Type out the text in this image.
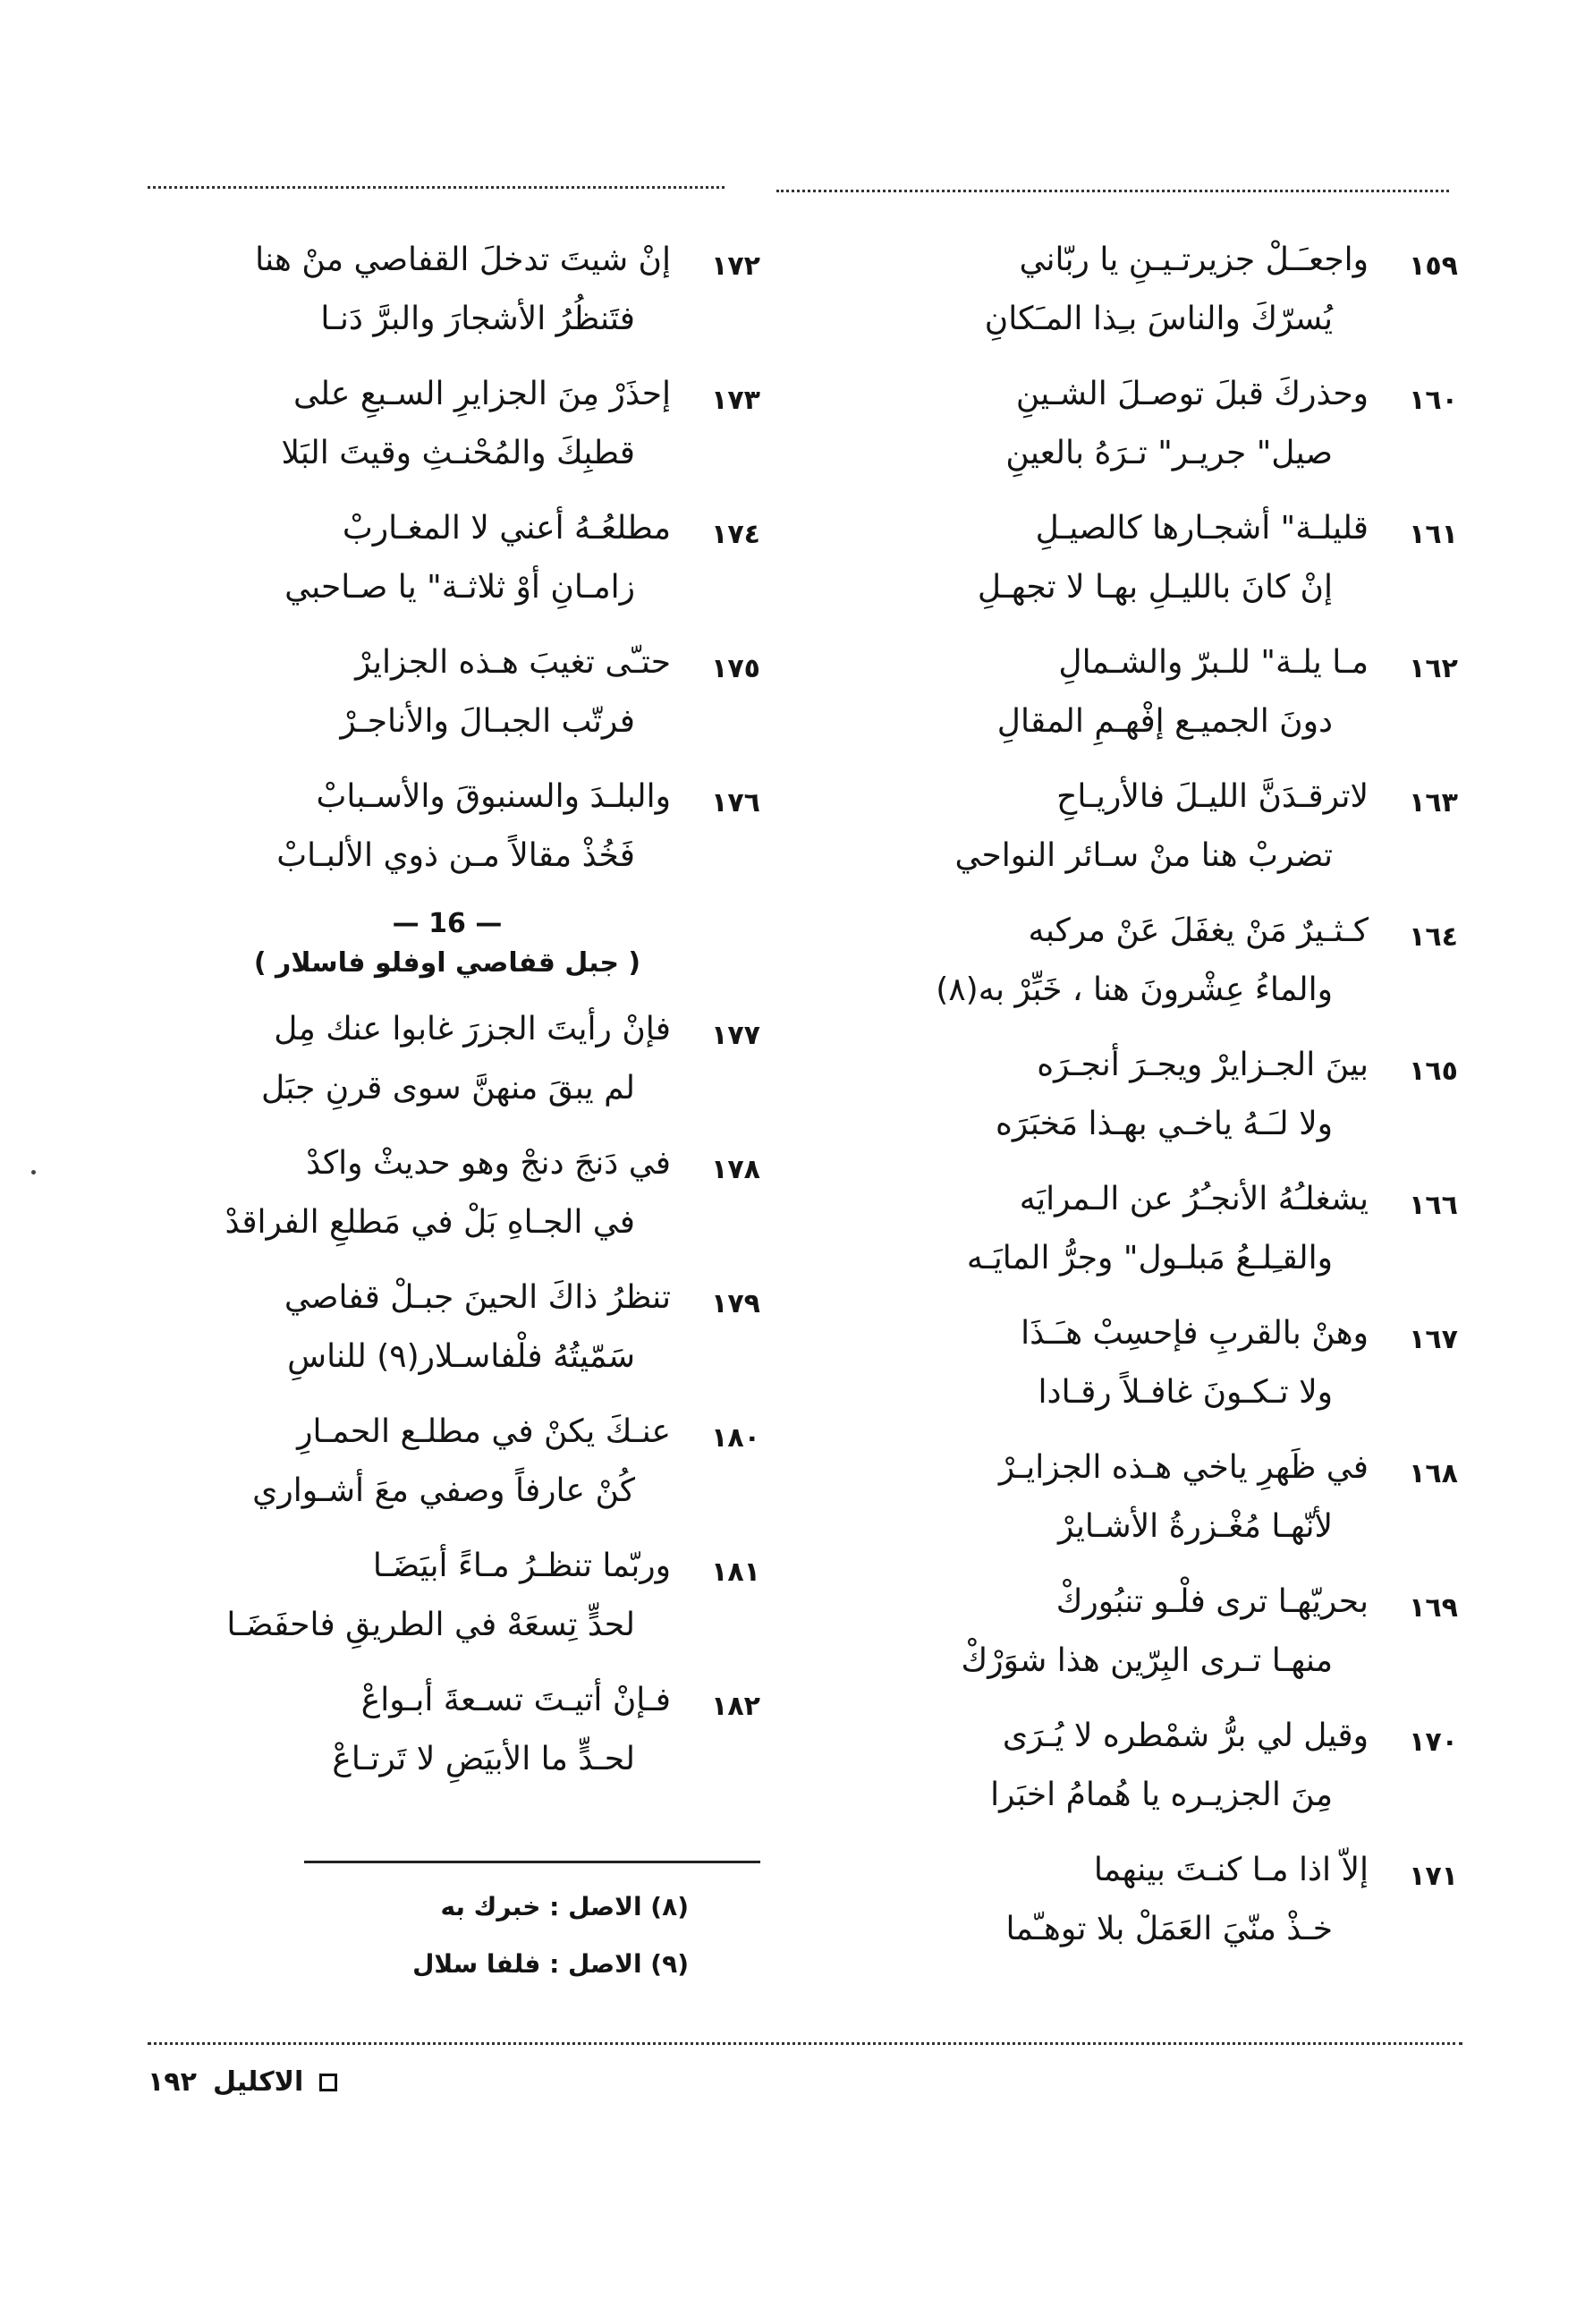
١٥٩
واجعـَـلْ جزيرتـيـنِ يا ربّاني
يُسرّكَ والناسَ بـِذا المـَكانِ
١٦٠
وحذركَ قبلَ توصـلَ الشـينِ
صيل" جريـر" تـرَهُ بالعينِ
١٦١
قليلـة" أشجـارها كالصيـلِ
إنْ كانَ بالليـلِ بهـا لا تجهـلِ
١٦٢
مـا يلـة" للـبرّ والشـمالِ
دونَ الجميـع إفْهـمِ المقالِ
١٦٣
لاترقـدَنَّ الليـلَ فالأريـاحِ
تضربْ هنا منْ سـائر النواحي
١٦٤
كـثـيرٌ مَنْ يغفَلَ عَنْ مركبه
والماءُ عِشْرونَ هنا ، خَبِّرْ به(٨)
١٦٥
بينَ الجـزايرْ ويجـرَ أنجـرَه
ولا لـَـهُ ياخـي بهـذا مَخبَرَه
١٦٦
يشغلـُهُ الأنجـُرُ عن الـمرايَه
والقـِلـعُ مَبلـول" وجرُّ المايَـه
١٦٧
وهنْ بالقربِ فإحسِبْ هـَـذَا
ولا تـكـونَ غافـلاً رقـادا
١٦٨
في ظَهرِ ياخي هـذه الجزايـرْ
لأنّهـا مُغْـزرةُ الأشـايرْ
١٦٩
بحريّهـا ترى فلْـو تنبُوركْ
منهـا تـرى البِرّين هذا شوَرْكْ
١٧٠
وقيل لي برُّ شمْطره لا يُـرَى
مِنَ الجزيـره يا هُمامُ اخبَرا
١٧١
إلاّ اذا مـا كنـتَ بينهما
خـذْ منّيَ العَمَلْ بلا توهـّما
١٧٢
إنْ شيتَ تدخلَ القفاصي منْ هنا
فتَنظُرُ الأشجارَ والبرَّ دَنـا
١٧٣
إحذَرْ مِنَ الجزايرِ السـبعِ على
قطبِكَ والمُحْنـثِ وقيتَ البَلا
١٧٤
مطلعُـهُ أعني لا المغـاربْ
زامـانِ أوْ ثلاثـة" يا صـاحبي
١٧٥
حتـّى تغيبَ هـذه الجزايرْ
فرتّب الجبـالَ والأناجـرْ
١٧٦
والبلـدَ والسنبوقَ والأسـبابْ
فَخُذْ مقالاً مـن ذوي الألبـابْ
— 16 —
( جبل قفاصي اوفلو فاسلار )
١٧٧
فإنْ رأيتَ الجزرَ غابوا عنك مِل
لم يبقَ منهنَّ سوى قرنِ جبَل
١٧٨
في دَنجَ دنجْ وهو حديثْ واكدْ
في الجـاهِ بَلْ في مَطلعِ الفراقدْ
١٧٩
تنظرُ ذاكَ الحينَ جبـلْ قفاصي
سَمّيتُهُ فلْفاسـلار(٩) للناسِ
١٨٠
عنـكَ يكنْ في مطلـع الحمـارِ
كُنْ عارفاً وصفي معَ أشـواري
١٨١
وربّما تنظـرُ مـاءً أبيَضَـا
لحدٍّ تِسعَهْ في الطريقِ فاحفَضَـا
١٨٢
فـإنْ أتيـتَ تسـعةَ أبـواعْ
لحـدٍّ ما الأبيَضِ لا تَرتـاعْ
(٨) الاصل : خبرك به
(٩) الاصل : فلفا سلال
الاكليل
١٩٢
